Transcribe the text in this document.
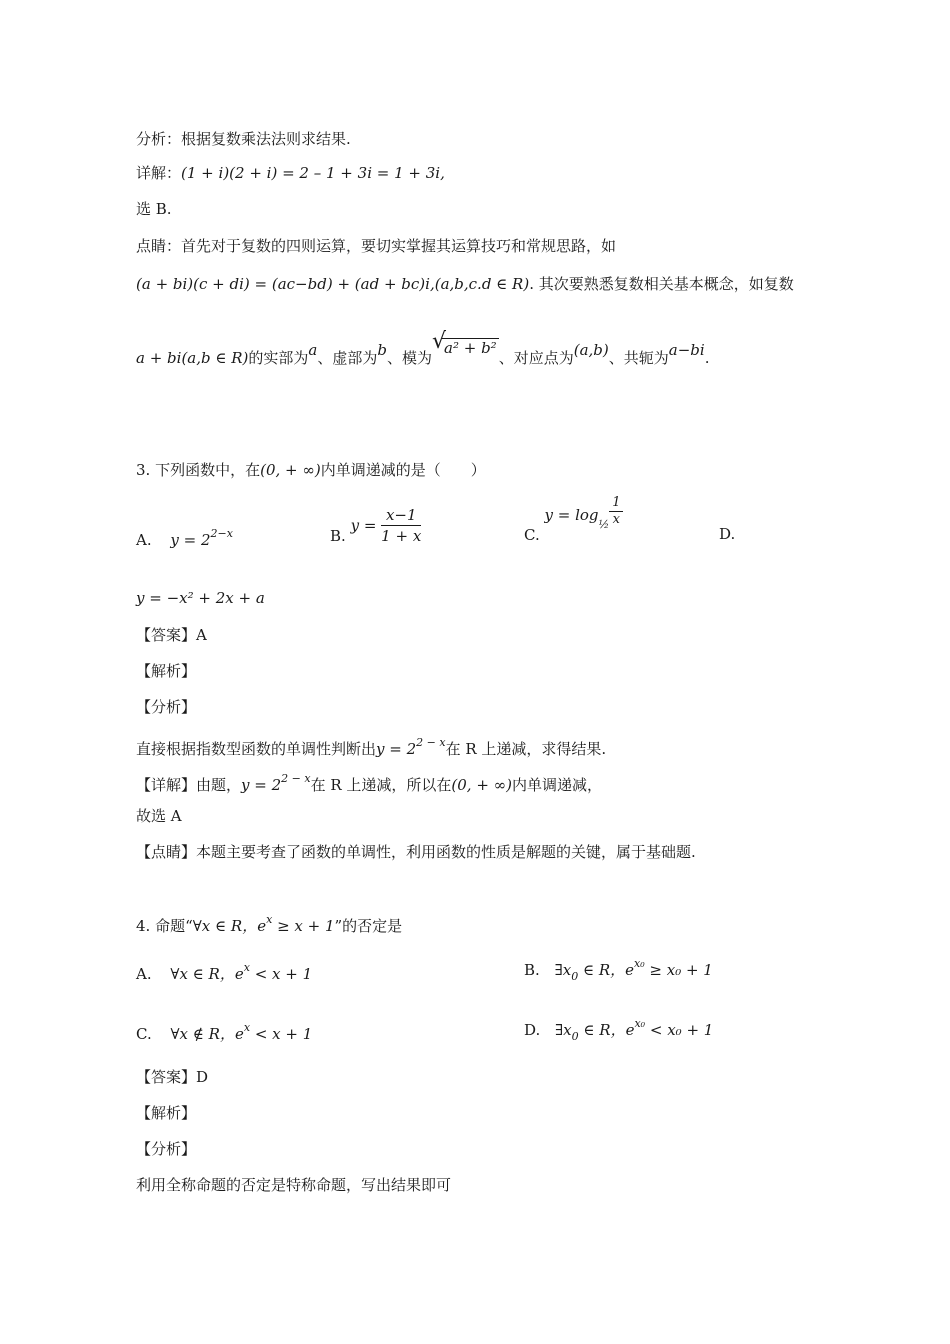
分析：根据复数乘法法则求结果.
详解：(1 + i)(2 + i) = 2 – 1 + 3i = 1 + 3i,
选 B.
点睛：首先对于复数的四则运算，要切实掌握其运算技巧和常规思路，如
(a + bi)(c + di) = (ac−bd) + (ad + bc)i,(a,b,c.d ∈ R). 其次要熟悉复数相关基本概念，如复数
a + bi(a,b ∈ R)的实部为a、虚部为b、模为
√
a² + b²、对应点为(a,b)、共轭为a−bi.
3. 下列函数中，在(0, + ∞)内单调递减的是（　　）
A. $y = 2^{2-x}$	B. $y = \frac{x-1}{1 + x}$	C. y = log½ $\frac{1}{x}$
D.
y = −x² + 2x + a
【答案】A
【解析】
【分析】
直接根据指数型函数的单调性判断出$y = 2^{2 - x}$在 R 上递减，求得结果.
【详解】由题，$y = 2^{2 - x}$在 R 上递减，所以在(0, + ∞)内单调递减，
故选 A
【点睛】本题主要考查了函数的单调性，利用函数的性质是解题的关键，属于基础题.
4. 命题“∀x ∈ R，$e^x \ge x + 1$”的否定是
A. ∀x ∈ R，$e^x < x + 1$	B. $\exists x_0$ ∈ R，$e^{x_0} \ge x_0 + 1$
C. ∀x ∉ R，$e^x < x + 1$	D. $\exists x_0$ ∈ R，$e^{x_0} < x_0 + 1$
【答案】D
【解析】
【分析】
利用全称命题的否定是特称命题，写出结果即可
